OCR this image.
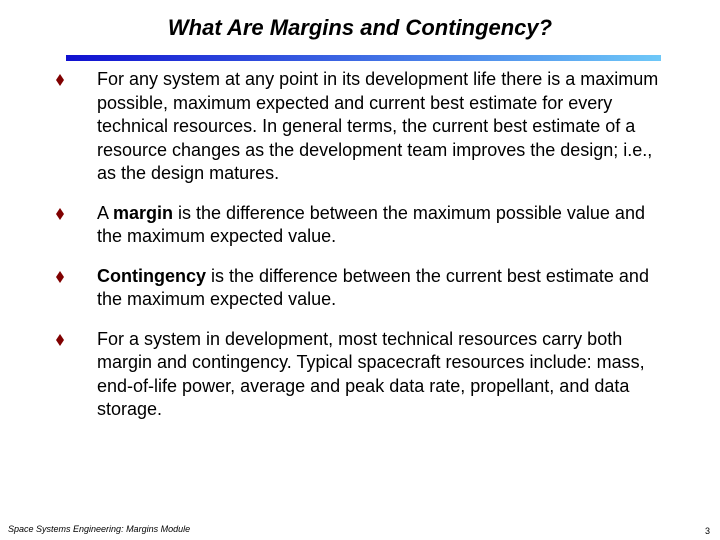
What Are Margins and Contingency?
For any system at any point in its development life there is a maximum possible, maximum expected and current best estimate for every technical resources. In general terms, the current best estimate of a resource changes as the development team improves the design; i.e., as the design matures.
A margin is the difference between the maximum possible value and the maximum expected value.
Contingency is the difference between the current best estimate and the maximum expected value.
For a system in development, most technical resources carry both margin and contingency. Typical spacecraft resources include: mass, end-of-life power, average and peak data rate, propellant, and data storage.
Space Systems Engineering: Margins Module	3
